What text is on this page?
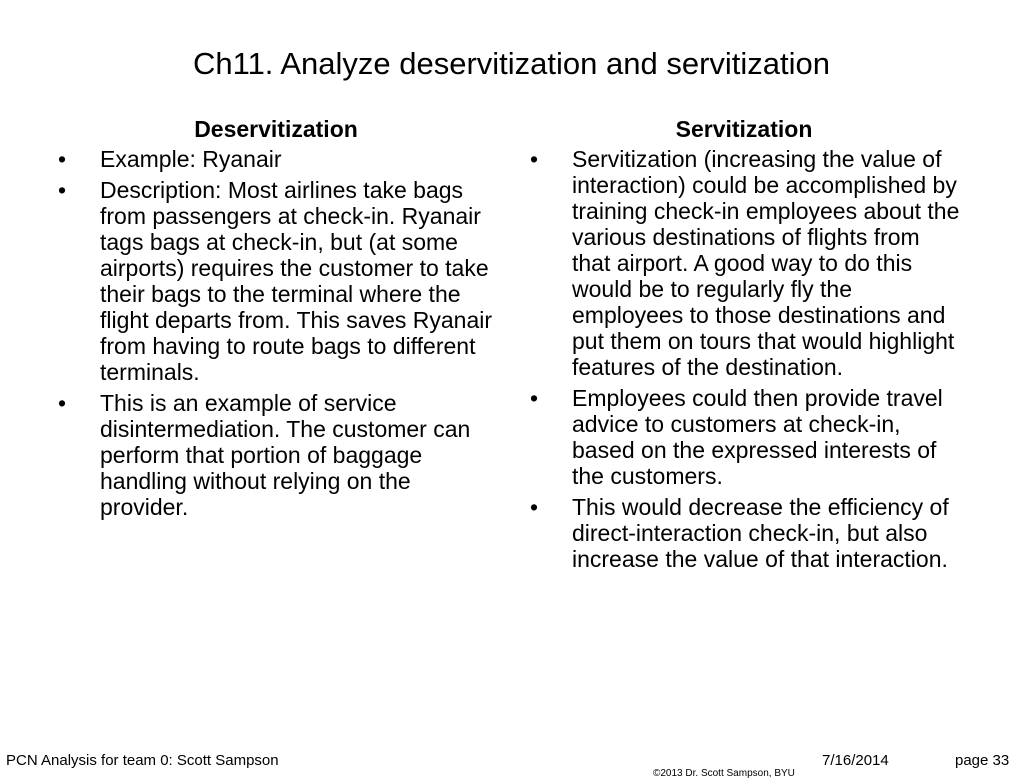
Ch11. Analyze deservitization and servitization
Deservitization
• Example: Ryanair
• Description: Most airlines take bags from passengers at check-in. Ryanair tags bags at check-in, but (at some airports) requires the customer to take their bags to the terminal where the flight departs from. This saves Ryanair from having to route bags to different terminals.
• This is an example of service disintermediation. The customer can perform that portion of baggage handling without relying on the provider.
Servitization
• Servitization (increasing the value of interaction) could be accomplished by training check-in employees about the various destinations of flights from that airport. A good way to do this would be to regularly fly the employees to those destinations and put them on tours that would highlight features of the destination.
• Employees could then provide travel advice to customers at check-in, based on the expressed interests of the customers.
• This would decrease the efficiency of direct-interaction check-in, but also increase the value of that interaction.
PCN Analysis for team 0: Scott Sampson	7/16/2014	page 33
©2013 Dr. Scott Sampson, BYU
